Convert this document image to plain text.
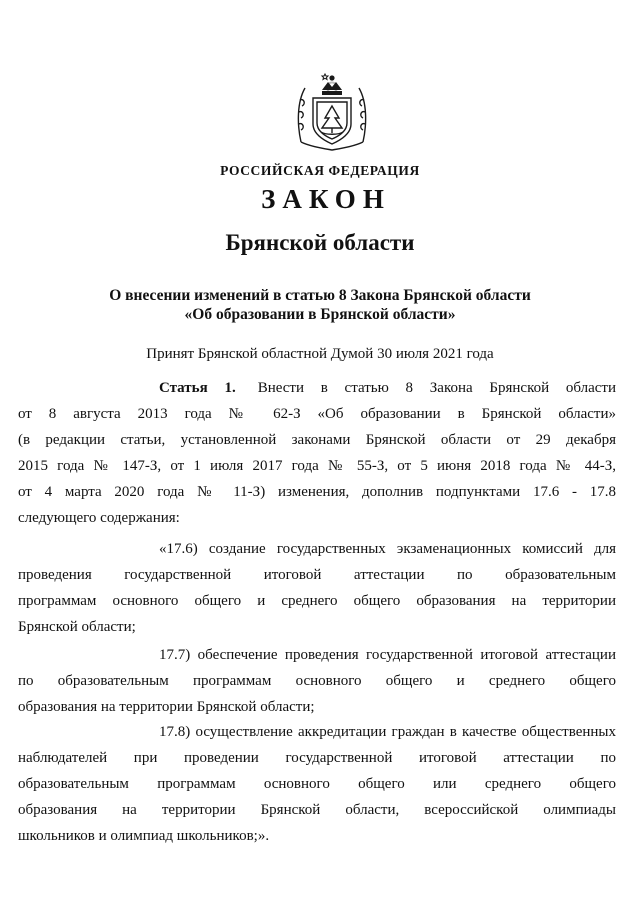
РОССИЙСКАЯ ФЕДЕРАЦИЯ
ЗАКОН
Брянской области
О внесении изменений в статью 8 Закона Брянской области
«Об образовании в Брянской области»
Принят Брянской областной Думой 30 июля 2021 года

Статья 1. Внести в статью 8 Закона Брянской области

от 8 августа 2013 года № 62-З «Об образовании в Брянской области»

(в редакции статьи, установленной законами Брянской области от 29 декабря

2015 года № 147-З, от 1 июля 2017 года № 55-З, от 5 июня 2018 года № 44-З,

от 4 марта 2020 года № 11-З) изменения, дополнив подпунктами 17.6 - 17.8

следующего содержания:

«17.6) создание государственных экзаменационных комиссий для

проведения государственной итоговой аттестации по образовательным

программам основного общего и среднего общего образования на территории

Брянской области;

17.7) обеспечение проведения государственной итоговой аттестации

по образовательным программам основного общего и среднего общего

образования на территории Брянской области;

17.8) осуществление аккредитации граждан в качестве общественных

наблюдателей при проведении государственной итоговой аттестации по

образовательным программам основного общего или среднего общего

образования на территории Брянской области, всероссийской олимпиады

школьников и олимпиад школьников;».
